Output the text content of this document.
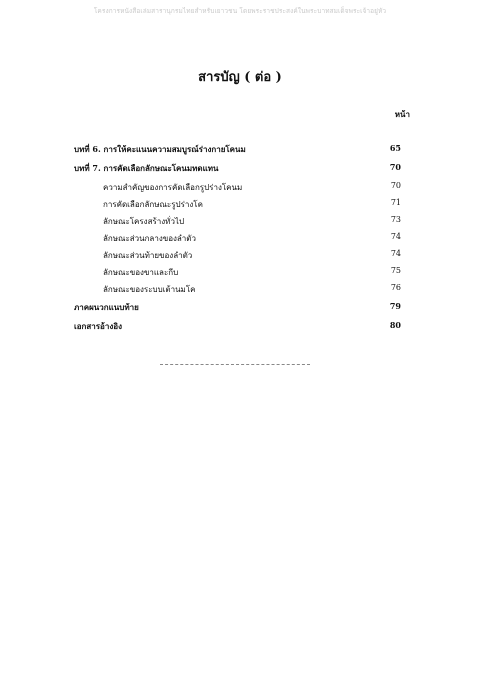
โครงการหนังสือเล่มสารานุกรมไทยสำหรับเยาวชน โดยพระราชประสงค์ในพระบาทสมเด็จพระเจ้าอยู่หัว
สารบัญ ( ต่อ )
หน้า
บทที่ 6. การให้คะแนนความสมบูรณ์ร่างกายโคนม	65
บทที่ 7. การคัดเลือกลักษณะโคนมทดแทน	70
ความสำคัญของการคัดเลือกรูปร่างโคนม	70
การคัดเลือกลักษณะรูปร่างโค	71
ลักษณะโครงสร้างทั่วไป	73
ลักษณะส่วนกลางของลำตัว	74
ลักษณะส่วนท้ายของลำตัว	74
ลักษณะของขาและกีบ	75
ลักษณะของระบบเต้านมโค	76
ภาคผนวกแนบท้าย	79
เอกสารอ้างอิง	80
